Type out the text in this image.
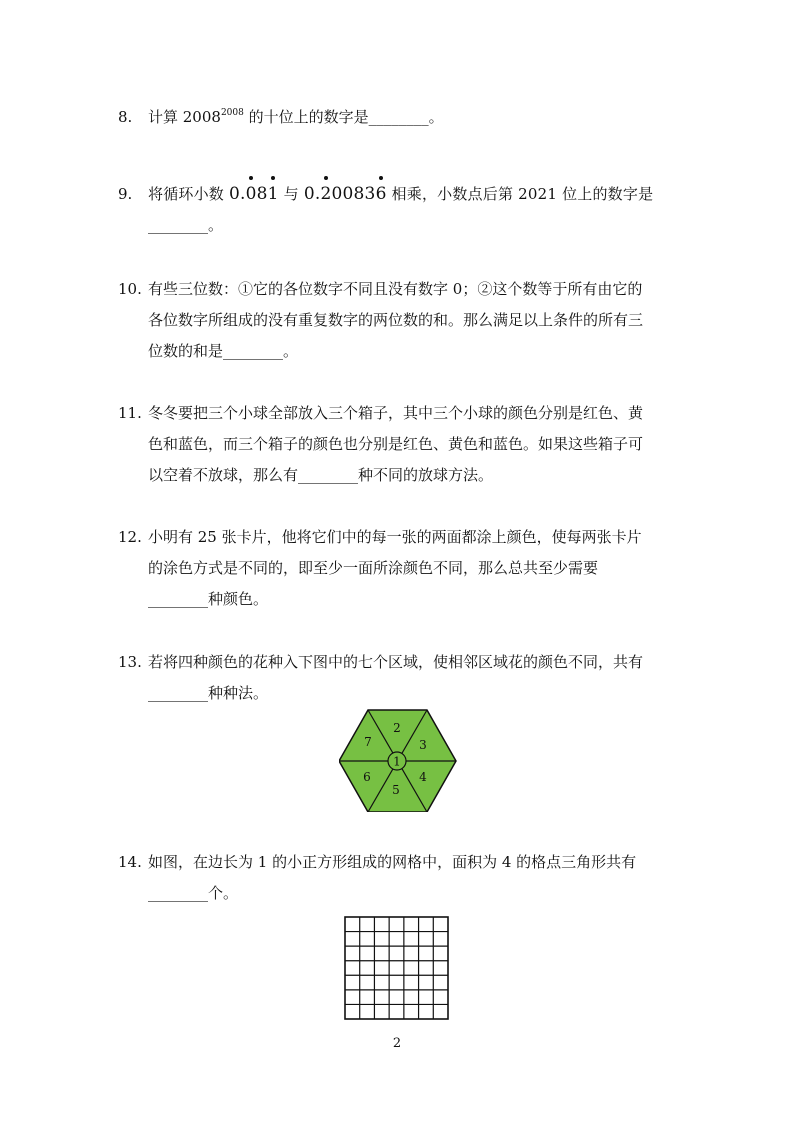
8.	计算 $2008^{2008}$ 的十位上的数字是________。
9.	将循环小数 0.081 与 0.200836 相乘，小数点后第 2021 位上的数字是
________。
10. 有些三位数：①它的各位数字不同且没有数字 0；②这个数等于所有由它的
各位数字所组成的没有重复数字的两位数的和。那么满足以上条件的所有三
位数的和是________。
11. 冬冬要把三个小球全部放入三个箱子，其中三个小球的颜色分别是红色、黄
色和蓝色，而三个箱子的颜色也分别是红色、黄色和蓝色。如果这些箱子可
以空着不放球，那么有________种不同的放球方法。
12. 小明有 25 张卡片，他将它们中的每一张的两面都涂上颜色，使每两张卡片
的涂色方式是不同的，即至少一面所涂颜色不同，那么总共至少需要
________种颜色。
13. 若将四种颜色的花种入下图中的七个区域，使相邻区域花的颜色不同，共有
________种种法。
1
2
3
4
5
6
7
14. 如图，在边长为 1 的小正方形组成的网格中，面积为 4 的格点三角形共有
________个。
2
